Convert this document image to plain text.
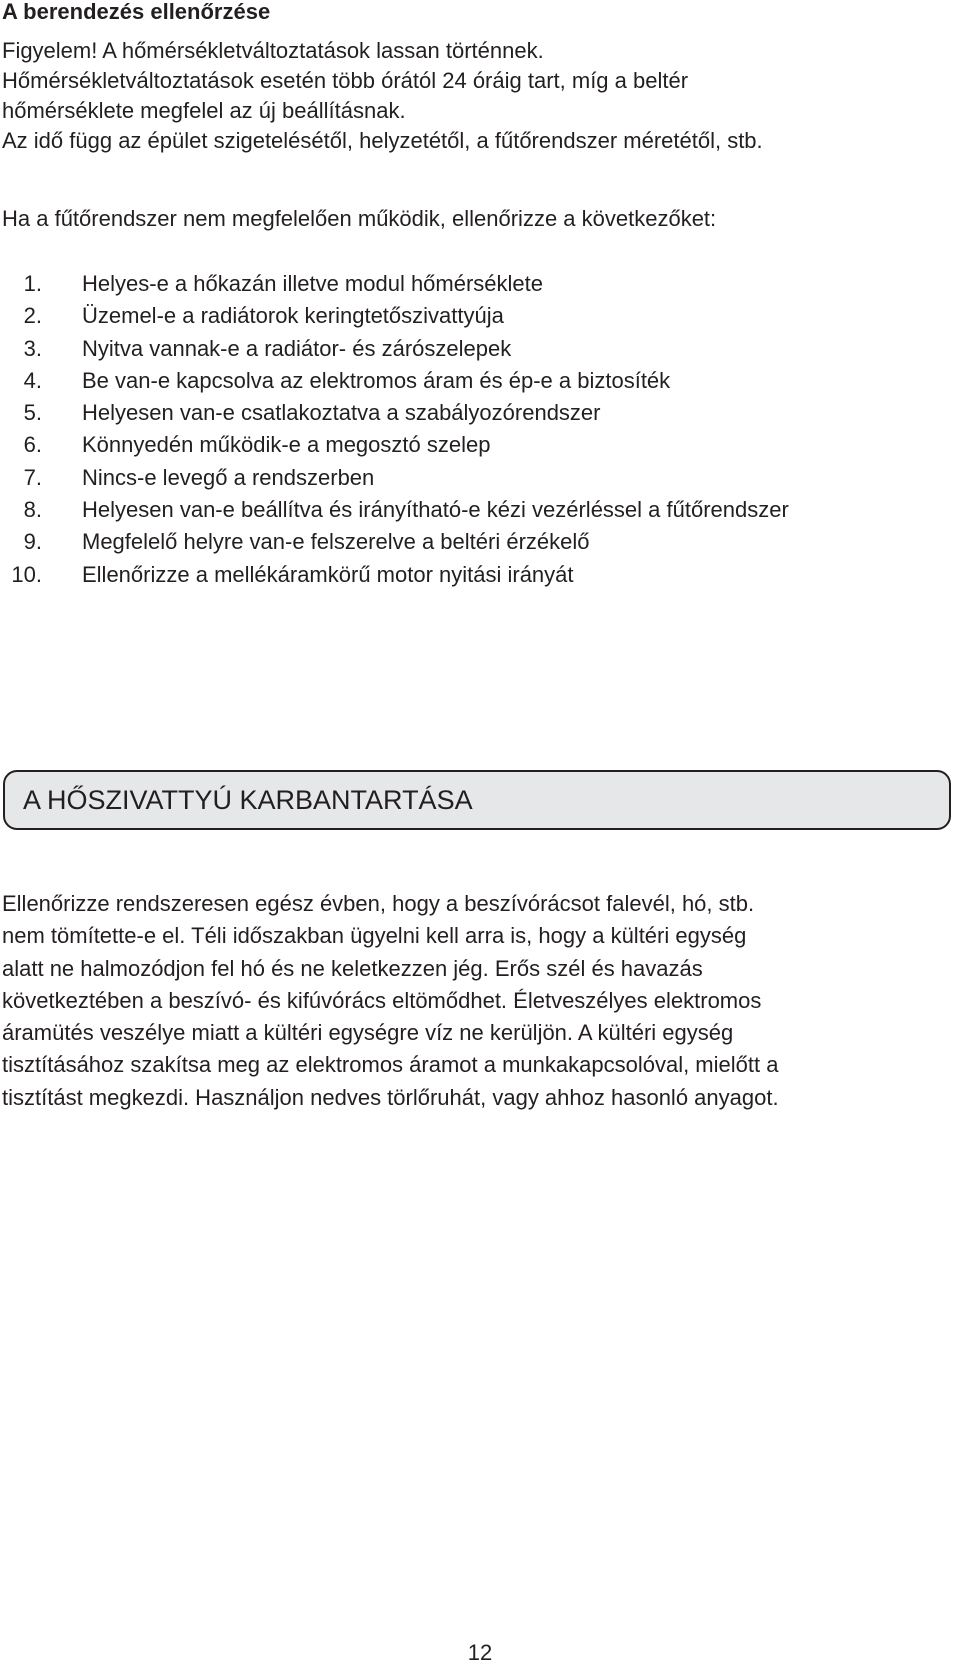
A berendezés ellenőrzése

Figyelem! A hőmérsékletváltoztatások lassan történnek.

Hőmérsékletváltoztatások esetén több órától 24 óráig tart, míg a beltér

hőmérséklete megfelel az új beállításnak.

Az idő függ az épület szigetelésétől, helyzetétől, a fűtőrendszer méretétől, stb.

Ha a fűtőrendszer nem megfelelően működik, ellenőrizze a következőket:

1.	Helyes-e a hőkazán illetve modul hőmérséklete
2.	Üzemel-e a radiátorok keringtetőszivattyúja
3.	Nyitva vannak-e a radiátor- és zárószelepek
4.	Be van-e kapcsolva az elektromos áram és ép-e a biztosíték
5.	Helyesen van-e csatlakoztatva a szabályozórendszer
6.	Könnyedén működik-e a megosztó szelep
7.	Nincs-e levegő a rendszerben
8.	Helyesen van-e beállítva és irányítható-e kézi vezérléssel a fűtőrendszer
9.	Megfelelő helyre van-e felszerelve a beltéri érzékelő
10.	Ellenőrizze a mellékáramkörű motor nyitási irányát
A HŐSZIVATTYÚ KARBANTARTÁSA
Ellenőrizze rendszeresen egész évben, hogy a beszívórácsot falevél, hó, stb.
nem tömítette-e el. Téli időszakban ügyelni kell arra is, hogy a kültéri egység
alatt ne halmozódjon fel hó és ne keletkezzen jég. Erős szél és havazás
következtében a beszívó- és kifúvórács eltömődhet. Életveszélyes elektromos
áramütés veszélye miatt a kültéri egységre víz ne kerüljön. A kültéri egység
tisztításához szakítsa meg az elektromos áramot a munkakapcsolóval, mielőtt a
tisztítást megkezdi. Használjon nedves törlőruhát, vagy ahhoz hasonló anyagot.
12
